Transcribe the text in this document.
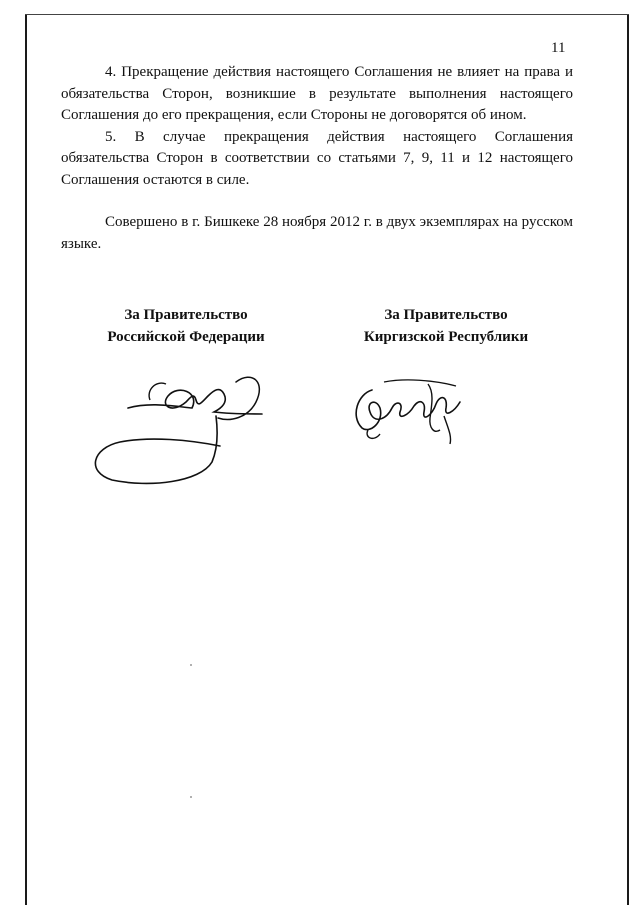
11

4. Прекращение действия настоящего Соглашения не влияет на права и обязательства Сторон, возникшие в результате выполнения настоящего Соглашения до его прекращения, если Стороны не договорятся об ином.

5. В случае прекращения действия настоящего Соглашения обязательства Сторон в соответствии со статьями 7, 9, 11 и 12 настоящего Соглашения остаются в силе.

Совершено в г. Бишкеке 28 ноября 2012 г. в двух экземплярах на русском языке.

За Правительство
Российской Федерации
За Правительство
Киргизской Республики
